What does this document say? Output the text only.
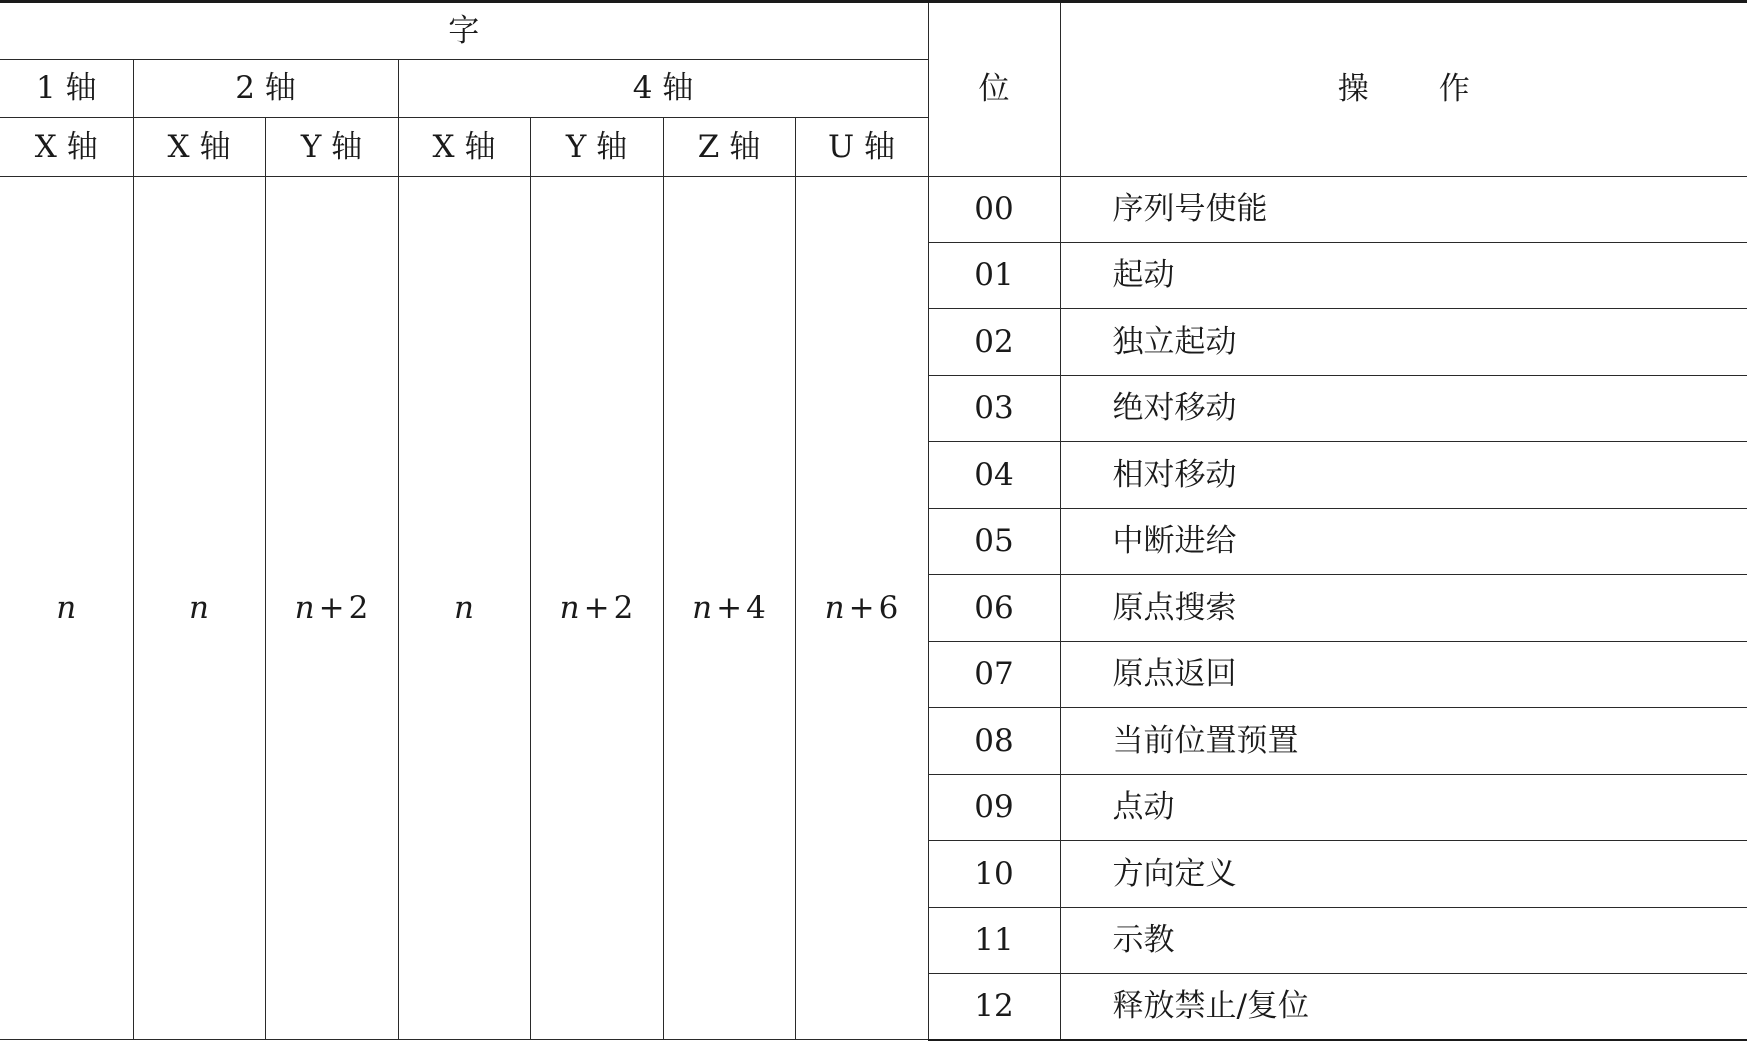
字							位	操 作
1 轴	2 轴		4 轴					
X 轴	X 轴	Y 轴	X 轴	Y 轴	Z 轴	U 轴		
n	n	n + 2	n	n + 2	n + 4	n + 6	00	序列号使能
							01	起动
							02	独立起动
							03	绝对移动
							04	相对移动
							05	中断进给
							06	原点搜索
							07	原点返回
							08	当前位置预置
							09	点动
							10	方向定义
							11	示教
							12	释放禁止/复位
